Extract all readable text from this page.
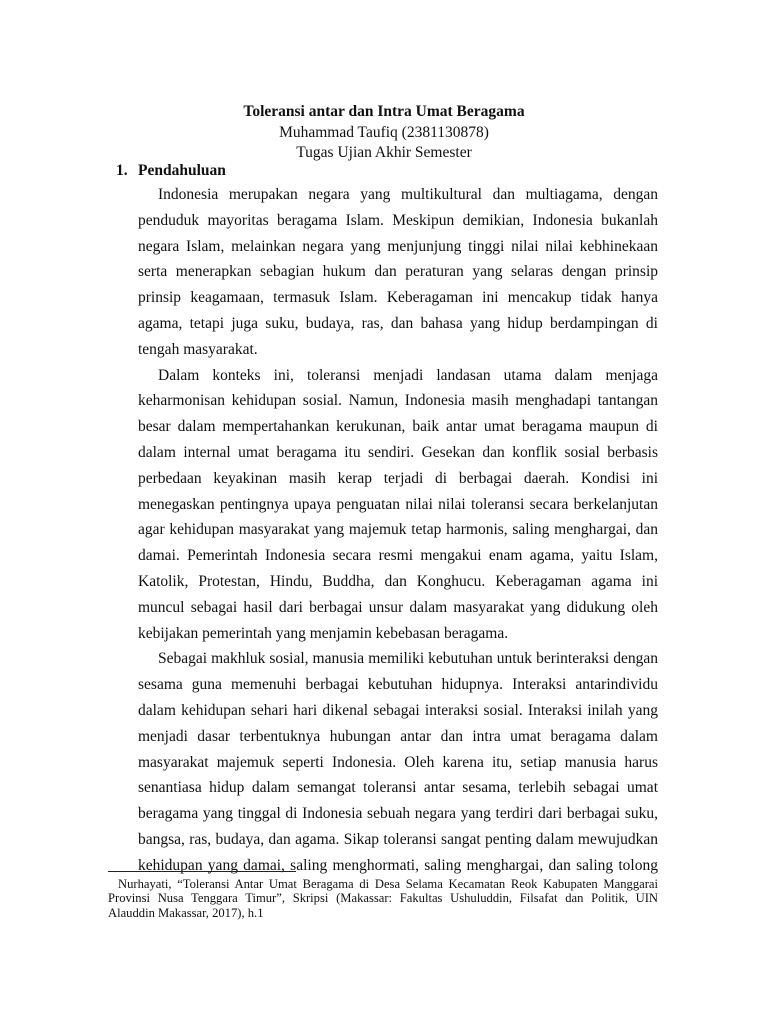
Toleransi antar dan Intra Umat Beragama
Muhammad Taufiq (2381130878)
Tugas Ujian Akhir Semester
1. Pendahuluan
Indonesia merupakan negara yang multikultural dan multiagama, dengan
penduduk mayoritas beragama Islam. Meskipun demikian, Indonesia bukanlah
negara Islam, melainkan negara yang menjunjung tinggi nilai nilai kebhinekaan
serta menerapkan sebagian hukum dan peraturan yang selaras dengan prinsip
prinsip keagamaan, termasuk Islam. Keberagaman ini mencakup tidak hanya
agama, tetapi juga suku, budaya, ras, dan bahasa yang hidup berdampingan di
tengah masyarakat.
Dalam konteks ini, toleransi menjadi landasan utama dalam menjaga
keharmonisan kehidupan sosial. Namun, Indonesia masih menghadapi tantangan
besar dalam mempertahankan kerukunan, baik antar umat beragama maupun di
dalam internal umat beragama itu sendiri. Gesekan dan konflik sosial berbasis
perbedaan keyakinan masih kerap terjadi di berbagai daerah. Kondisi ini
menegaskan pentingnya upaya penguatan nilai nilai toleransi secara berkelanjutan
agar kehidupan masyarakat yang majemuk tetap harmonis, saling menghargai, dan
damai. Pemerintah Indonesia secara resmi mengakui enam agama, yaitu Islam,
Katolik, Protestan, Hindu, Buddha, dan Konghucu. Keberagaman agama ini
muncul sebagai hasil dari berbagai unsur dalam masyarakat yang didukung oleh
kebijakan pemerintah yang menjamin kebebasan beragama.
Sebagai makhluk sosial, manusia memiliki kebutuhan untuk berinteraksi dengan
sesama guna memenuhi berbagai kebutuhan hidupnya. Interaksi antarindividu
dalam kehidupan sehari hari dikenal sebagai interaksi sosial. Interaksi inilah yang
menjadi dasar terbentuknya hubungan antar dan intra umat beragama dalam
masyarakat majemuk seperti Indonesia. Oleh karena itu, setiap manusia harus
senantiasa hidup dalam semangat toleransi antar sesama, terlebih sebagai umat
beragama yang tinggal di Indonesia sebuah negara yang terdiri dari berbagai suku,
bangsa, ras, budaya, dan agama. Sikap toleransi sangat penting dalam mewujudkan
kehidupan yang damai, saling menghormati, saling menghargai, dan saling tolong
Nurhayati, “Toleransi Antar Umat Beragama di Desa Selama Kecamatan Reok Kabupaten Manggarai
Provinsi Nusa Tenggara Timur”, Skripsi (Makassar: Fakultas Ushuluddin, Filsafat dan Politik, UIN
Alauddin Makassar, 2017), h.1
